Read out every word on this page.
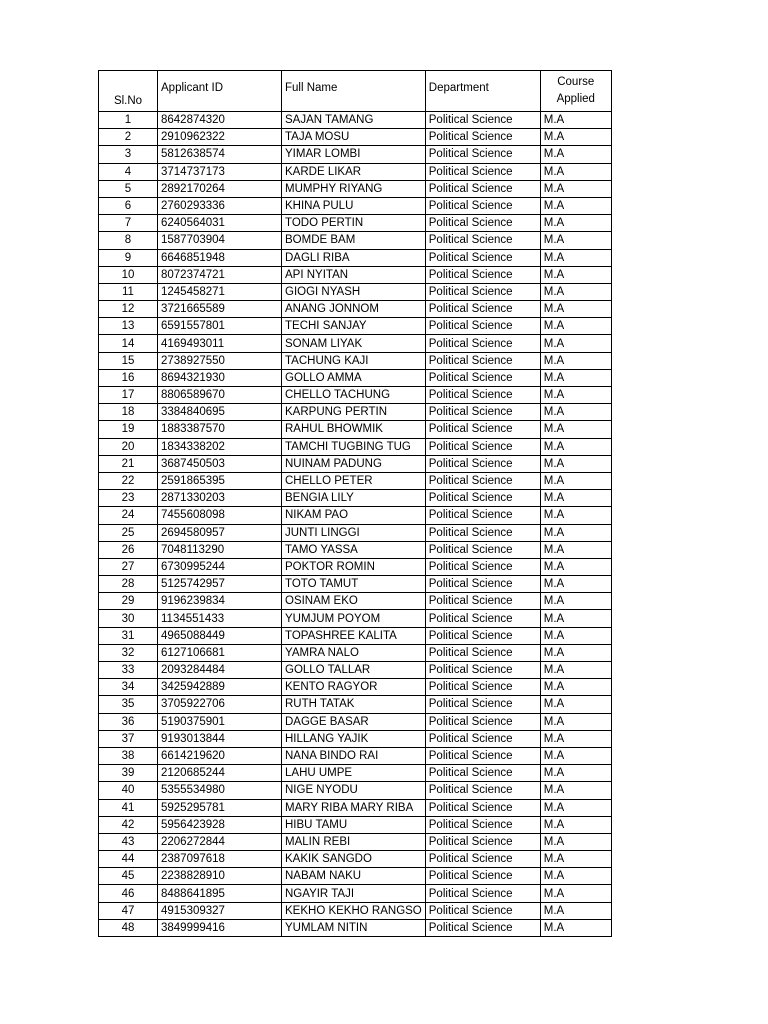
Sl.No	Applicant ID	Full Name	Department	Course Applied
1	8642874320	SAJAN TAMANG	Political Science	M.A
2	2910962322	TAJA MOSU	Political Science	M.A
3	5812638574	YIMAR LOMBI	Political Science	M.A
4	3714737173	KARDE LIKAR	Political Science	M.A
5	2892170264	MUMPHY RIYANG	Political Science	M.A
6	2760293336	KHINA PULU	Political Science	M.A
7	6240564031	TODO PERTIN	Political Science	M.A
8	1587703904	BOMDE BAM	Political Science	M.A
9	6646851948	DAGLI RIBA	Political Science	M.A
10	8072374721	API NYITAN	Political Science	M.A
11	1245458271	GIOGI NYASH	Political Science	M.A
12	3721665589	ANANG JONNOM	Political Science	M.A
13	6591557801	TECHI SANJAY	Political Science	M.A
14	4169493011	SONAM LIYAK	Political Science	M.A
15	2738927550	TACHUNG KAJI	Political Science	M.A
16	8694321930	GOLLO AMMA	Political Science	M.A
17	8806589670	CHELLO TACHUNG	Political Science	M.A
18	3384840695	KARPUNG PERTIN	Political Science	M.A
19	1883387570	RAHUL BHOWMIK	Political Science	M.A
20	1834338202	TAMCHI TUGBING TUG	Political Science	M.A
21	3687450503	NUINAM PADUNG	Political Science	M.A
22	2591865395	CHELLO PETER	Political Science	M.A
23	2871330203	BENGIA LILY	Political Science	M.A
24	7455608098	NIKAM PAO	Political Science	M.A
25	2694580957	JUNTI LINGGI	Political Science	M.A
26	7048113290	TAMO YASSA	Political Science	M.A
27	6730995244	POKTOR ROMIN	Political Science	M.A
28	5125742957	TOTO TAMUT	Political Science	M.A
29	9196239834	OSINAM EKO	Political Science	M.A
30	1134551433	YUMJUM POYOM	Political Science	M.A
31	4965088449	TOPASHREE KALITA	Political Science	M.A
32	6127106681	YAMRA NALO	Political Science	M.A
33	2093284484	GOLLO TALLAR	Political Science	M.A
34	3425942889	KENTO RAGYOR	Political Science	M.A
35	3705922706	RUTH TATAK	Political Science	M.A
36	5190375901	DAGGE BASAR	Political Science	M.A
37	9193013844	HILLANG YAJIK	Political Science	M.A
38	6614219620	NANA BINDO RAI	Political Science	M.A
39	2120685244	LAHU UMPE	Political Science	M.A
40	5355534980	NIGE NYODU	Political Science	M.A
41	5925295781	MARY RIBA MARY RIBA	Political Science	M.A
42	5956423928	HIBU TAMU	Political Science	M.A
43	2206272844	MALIN REBI	Political Science	M.A
44	2387097618	KAKIK SANGDO	Political Science	M.A
45	2238828910	NABAM NAKU	Political Science	M.A
46	8488641895	NGAYIR TAJI	Political Science	M.A
47	4915309327	KEKHO KEKHO RANGSO	Political Science	M.A
48	3849999416	YUMLAM NITIN	Political Science	M.A
